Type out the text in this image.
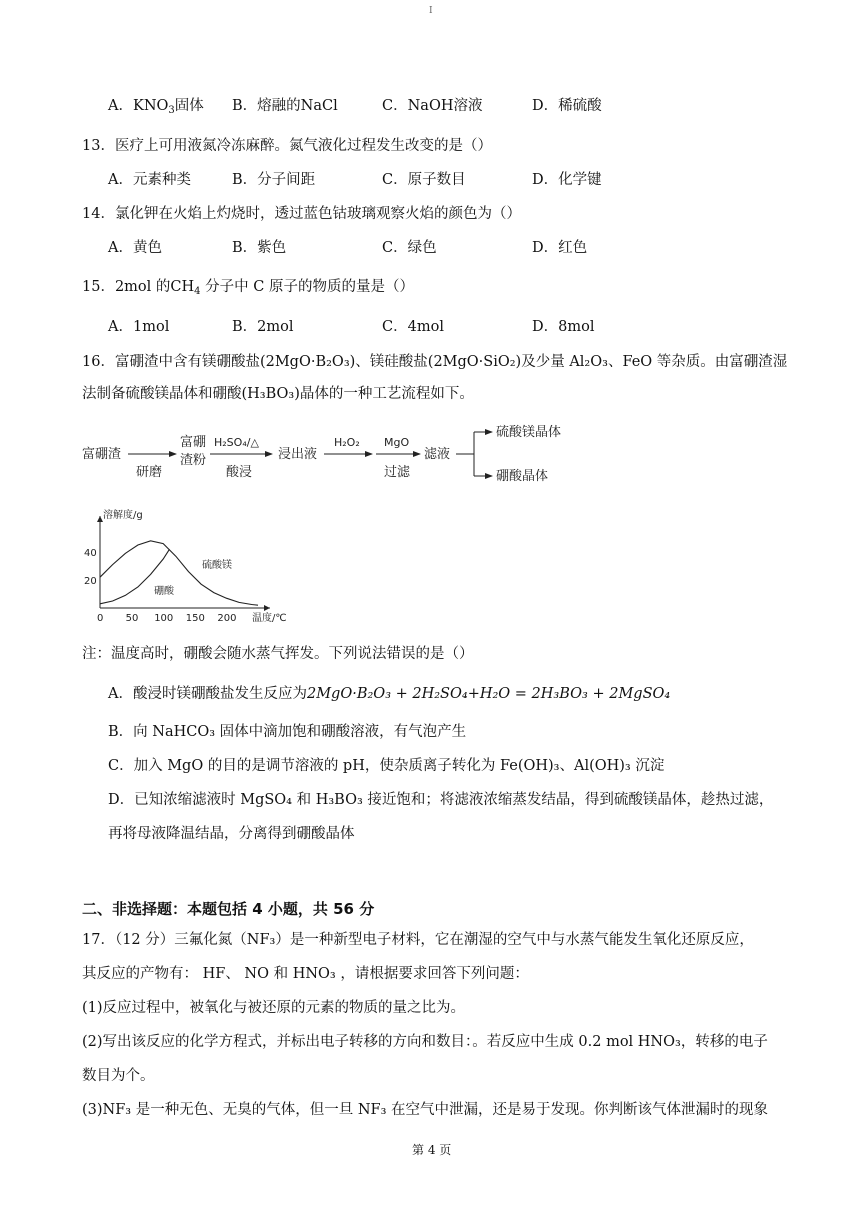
I
A．$KNO_3$固体 B．熔融的NaCl	C．NaOH溶液	D．稀硫酸
13．医疗上可用液氮冷冻麻醉。氮气液化过程发生改变的是（）
A．元素种类	B．分子间距	C．原子数目	D．化学键
14．氯化钾在火焰上灼烧时，透过蓝色钴玻璃观察火焰的颜色为（）
A．黄色	B．紫色	C．绿色	D．红色
15．2mol 的$CH_4$ 分子中 C 原子的物质的量是（）
A．1mol	B．2mol	C．4mol	D．8mol
16．富硼渣中含有镁硼酸盐(2MgO·B₂O₃)、镁硅酸盐(2MgO·SiO₂)及少量 Al₂O₃、FeO 等杂质。由富硼渣湿
法制备硫酸镁晶体和硼酸(H₃BO₃)晶体的一种工艺流程如下。
富硼渣
研磨
富硼
渣粉
H₂SO₄/△
酸浸
浸出液
H₂O₂ MgO
过滤
滤液
硫酸镁晶体
硼酸晶体
溶解度/g
温度/℃
0 50 100 150 200
20
40
硫酸镁
硼酸
注：温度高时，硼酸会随水蒸气挥发。下列说法错误的是（）
A．酸浸时镁硼酸盐发生反应为2MgO·B₂O₃ + 2H₂SO₄+H₂O = 2H₃BO₃ + 2MgSO₄
B．向 NaHCO₃ 固体中滴加饱和硼酸溶液，有气泡产生
C．加入 MgO 的目的是调节溶液的 pH，使杂质离子转化为 Fe(OH)₃、Al(OH)₃ 沉淀
D．已知浓缩滤液时 MgSO₄ 和 H₃BO₃ 接近饱和；将滤液浓缩蒸发结晶，得到硫酸镁晶体，趁热过滤，
再将母液降温结晶，分离得到硼酸晶体
二、非选择题：本题包括 4 小题，共 56 分
17．（12 分）三氟化氮（NF₃）是一种新型电子材料，它在潮湿的空气中与水蒸气能发生氧化还原反应，
其反应的产物有： HF、 NO 和 HNO₃ ，请根据要求回答下列问题：
(1)反应过程中，被氧化与被还原的元素的物质的量之比为。
(2)写出该反应的化学方程式，并标出电子转移的方向和数目：。若反应中生成 0.2 mol HNO₃，转移的电子
数目为个。
(3)NF₃ 是一种无色、无臭的气体，但一旦 NF₃ 在空气中泄漏，还是易于发现。你判断该气体泄漏时的现象
第 4 页
